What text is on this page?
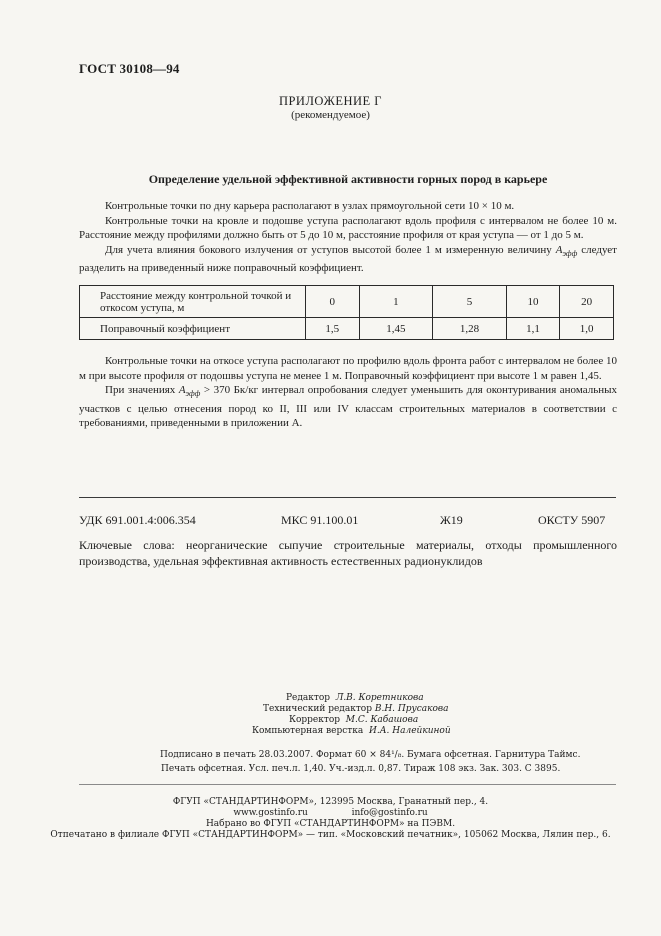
ГОСТ 30108—94
ПРИЛОЖЕНИЕ Г
(рекомендуемое)
Определение удельной эффективной активности горных пород в карьере

Контрольные точки по дну карьера располагают в узлах прямоугольной сети 10 × 10 м.

Контрольные точки на кровле и подошве уступа располагают вдоль профиля с интервалом не более 10 м. Расстояние между профилями должно быть от 5 до 10 м, расстояние профиля от края уступа — от 1 до 5 м.

Для учета влияния бокового излучения от уступов высотой более 1 м измеренную величину $A_{эфф}$ следует разделить на приведенный ниже поправочный коэффициент.

Расстояние между контрольной точкой и откосом уступа, м	0	1	5	10	20
Поправочный коэффициент	1,5	1,45	1,28	1,1	1,0

Контрольные точки на откосе уступа располагают по профилю вдоль фронта работ с интервалом не более 10 м при высоте профиля от подошвы уступа не менее 1 м. Поправочный коэффициент при высоте 1 м равен 1,45.

При значениях $A_{эфф} > 370$ Бк/кг интервал опробования следует уменьшить для оконтуривания аномальных участков с целью отнесения пород ко II, III или IV классам строительных материалов в соответствии с требованиями, приведенными в приложении А.

УДК 691.001.4:006.354	МКС 91.100.01	Ж19	ОКСТУ 5907

Ключевые слова: неорганические сыпучие строительные материалы, отходы промышленного производства, удельная эффективная активность естественных радионуклидов

Редактор Л.В. Коретникова
Технический редактор В.Н. Прусакова
Корректор М.С. Кабашова
Компьютерная верстка И.А. Налейкиной
Подписано в печать 28.03.2007. Формат 60 × 84¹/₈. Бумага офсетная. Гарнитура Таймс.
Печать офсетная. Усл. печ.л. 1,40. Уч.-изд.л. 0,87. Тираж 108 экз. Зак. 303. С 3895.
ФГУП «СТАНДАРТИНФОРМ», 123995 Москва, Гранатный пер., 4.
www.gostinfo.ru	info@gostinfo.ru
Набрано во ФГУП «СТАНДАРТИНФОРМ» на ПЭВМ.
Отпечатано в филиале ФГУП «СТАНДАРТИНФОРМ» — тип. «Московский печатник», 105062 Москва, Лялин пер., 6.
